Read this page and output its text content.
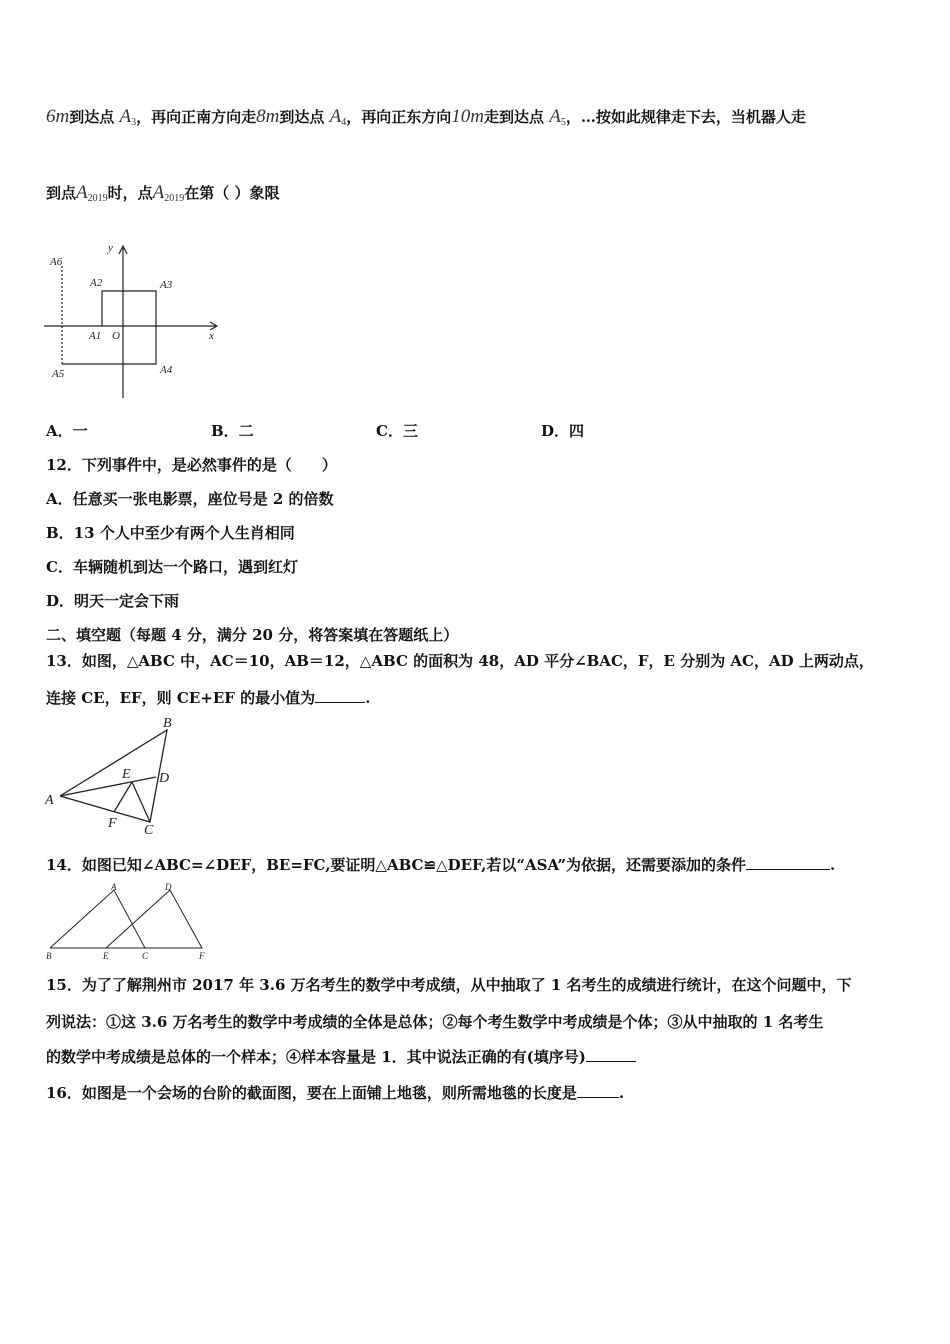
6m到达点 $A_3$，再向正南方向走8m到达点 $A_4$，再向正东方向10m走到达点 $A_5$，…按如此规律走下去，当机器人走
到点$A_{2019}$时，点$A_{2019}$在第（ ）象限
A6
A2	A3
y
A1 O	x
A5	A4
A．一	B．二	C．三	D．四
12．下列事件中，是必然事件的是（　　）
A．任意买一张电影票，座位号是 2 的倍数
B．13 个人中至少有两个人生肖相同
C．车辆随机到达一个路口，遇到红灯
D．明天一定会下雨
二、填空题（每题 4 分，满分 20 分，将答案填在答题纸上）
13．如图，△ABC 中，AC＝10，AB＝12，△ABC 的面积为 48，AD 平分∠BAC，F，E 分别为 AC，AD 上两动点，
连接 CE，EF，则 CE+EF 的最小值为	.
B
E D
A
F C
14．如图已知∠ABC=∠DEF，BE=FC,要证明△ABC≌△DEF,若以“ASA”为依据，还需要添加的条件	.
A	D
B	E	C	F
15．为了了解荆州市 2017 年 3.6 万名考生的数学中考成绩，从中抽取了 1 名考生的成绩进行统计，在这个问题中，下
列说法：①这 3.6 万名考生的数学中考成绩的全体是总体；②每个考生数学中考成绩是个体；③从中抽取的 1 名考生
的数学中考成绩是总体的一个样本；④样本容量是 1．其中说法正确的有(填序号)
16．如图是一个会场的台阶的截面图，要在上面铺上地毯，则所需地毯的长度是	.
